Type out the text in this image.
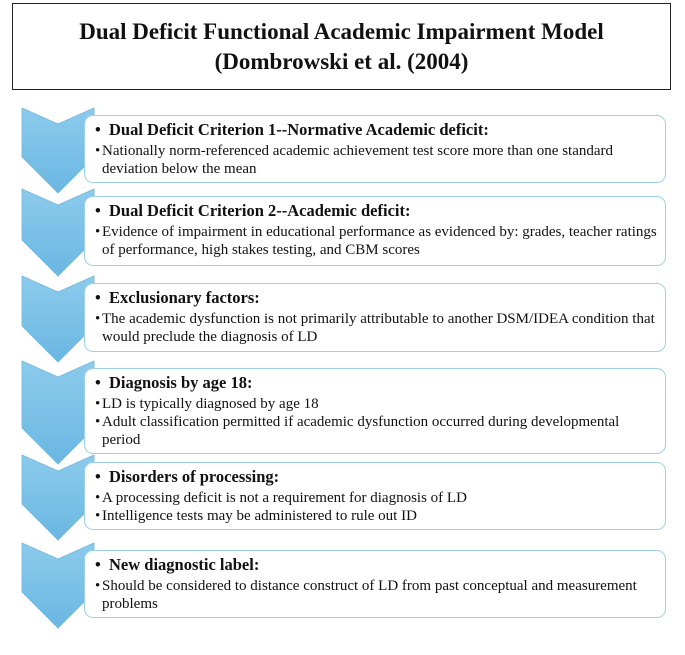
Dual Deficit Functional Academic Impairment Model
(Dombrowski et al. (2004)
• Dual Deficit Criterion 1--Normative Academic deficit:
• Nationally norm-referenced academic achievement test score more than one standard deviation below the mean
• Dual Deficit Criterion 2--Academic deficit:
• Evidence of impairment in educational performance as evidenced by: grades, teacher ratings of performance, high stakes testing, and CBM scores
• Exclusionary factors:
• The academic dysfunction is not primarily attributable to another DSM/IDEA condition that would preclude the diagnosis of LD
• Diagnosis by age 18:
• LD is typically diagnosed by age 18
• Adult classification permitted if academic dysfunction occurred during developmental period
• Disorders of processing:
• A processing deficit is not a requirement for diagnosis of LD
• Intelligence tests may be administered to rule out ID
• New diagnostic label:
• Should be considered to distance construct of LD from past conceptual and measurement problems
